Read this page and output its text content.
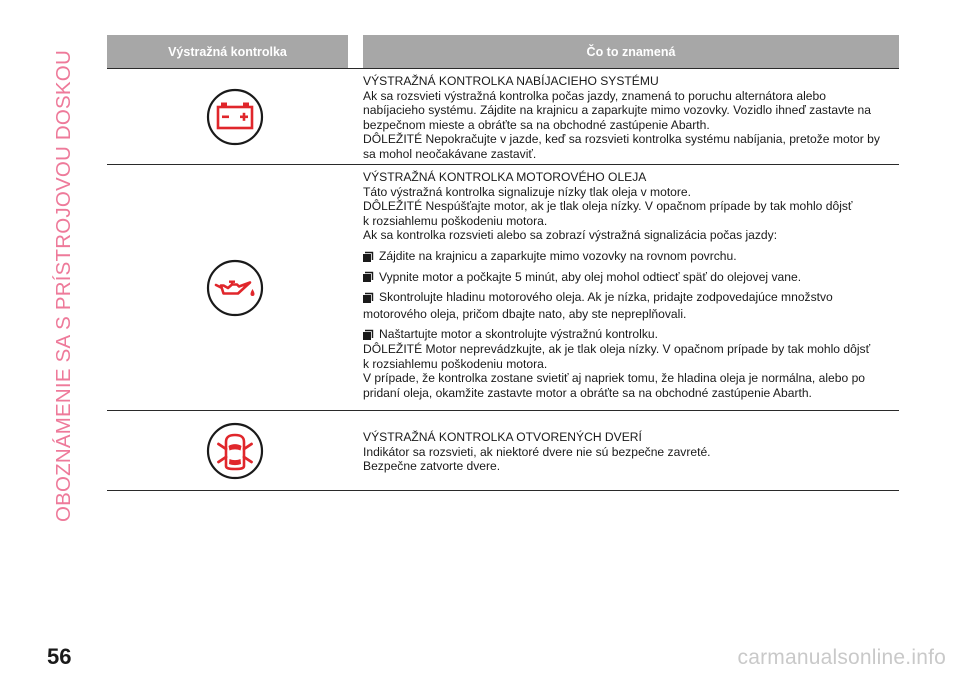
OBOZNÁMENIE SA S PRÍSTROJOVOU DOSKOU	Výstražná kontrolka	Čo to znamená

VÝSTRAŽNÁ KONTROLKA NABÍJACIEHO SYSTÉMU

Ak sa rozsvieti výstražná kontrolka počas jazdy, znamená to poruchu alternátora alebo

nabíjacieho systému. Zájdite na krajnicu a zaparkujte mimo vozovky. Vozidlo ihneď zastavte na

bezpečnom mieste a obráťte sa na obchodné zastúpenie Abarth.

DÔLEŽITÉ Nepokračujte v jazde, keď sa rozsvieti kontrolka systému nabíjania, pretože motor by

sa mohol neočakávane zastaviť.

VÝSTRAŽNÁ KONTROLKA MOTOROVÉHO OLEJA

Táto výstražná kontrolka signalizuje nízky tlak oleja v motore.

DÔLEŽITÉ Nespúšťajte motor, ak je tlak oleja nízky. V opačnom prípade by tak mohlo dôjsť

k rozsiahlemu poškodeniu motora.

Ak sa kontrolka rozsvieti alebo sa zobrazí výstražná signalizácia počas jazdy:

Zájdite na krajnicu a zaparkujte mimo vozovky na rovnom povrchu.
Vypnite motor a počkajte 5 minút, aby olej mohol odtiecť späť do olejovej vane.
Skontrolujte hladinu motorového oleja. Ak je nízka, pridajte zodpovedajúce množstvo

motorového oleja, pričom dbajte nato, aby ste nepreplňovali.

Naštartujte motor a skontrolujte výstražnú kontrolku.

DÔLEŽITÉ Motor neprevádzkujte, ak je tlak oleja nízky. V opačnom prípade by tak mohlo dôjsť

k rozsiahlemu poškodeniu motora.

V prípade, že kontrolka zostane svietiť aj napriek tomu, že hladina oleja je normálna, alebo po

pridaní oleja, okamžite zastavte motor a obráťte sa na obchodné zastúpenie Abarth.

VÝSTRAŽNÁ KONTROLKA OTVORENÝCH DVERÍ

Indikátor sa rozsvieti, ak niektoré dvere nie sú bezpečne zavreté.

Bezpečne zatvorte dvere.

56	carmanualsonline.info
